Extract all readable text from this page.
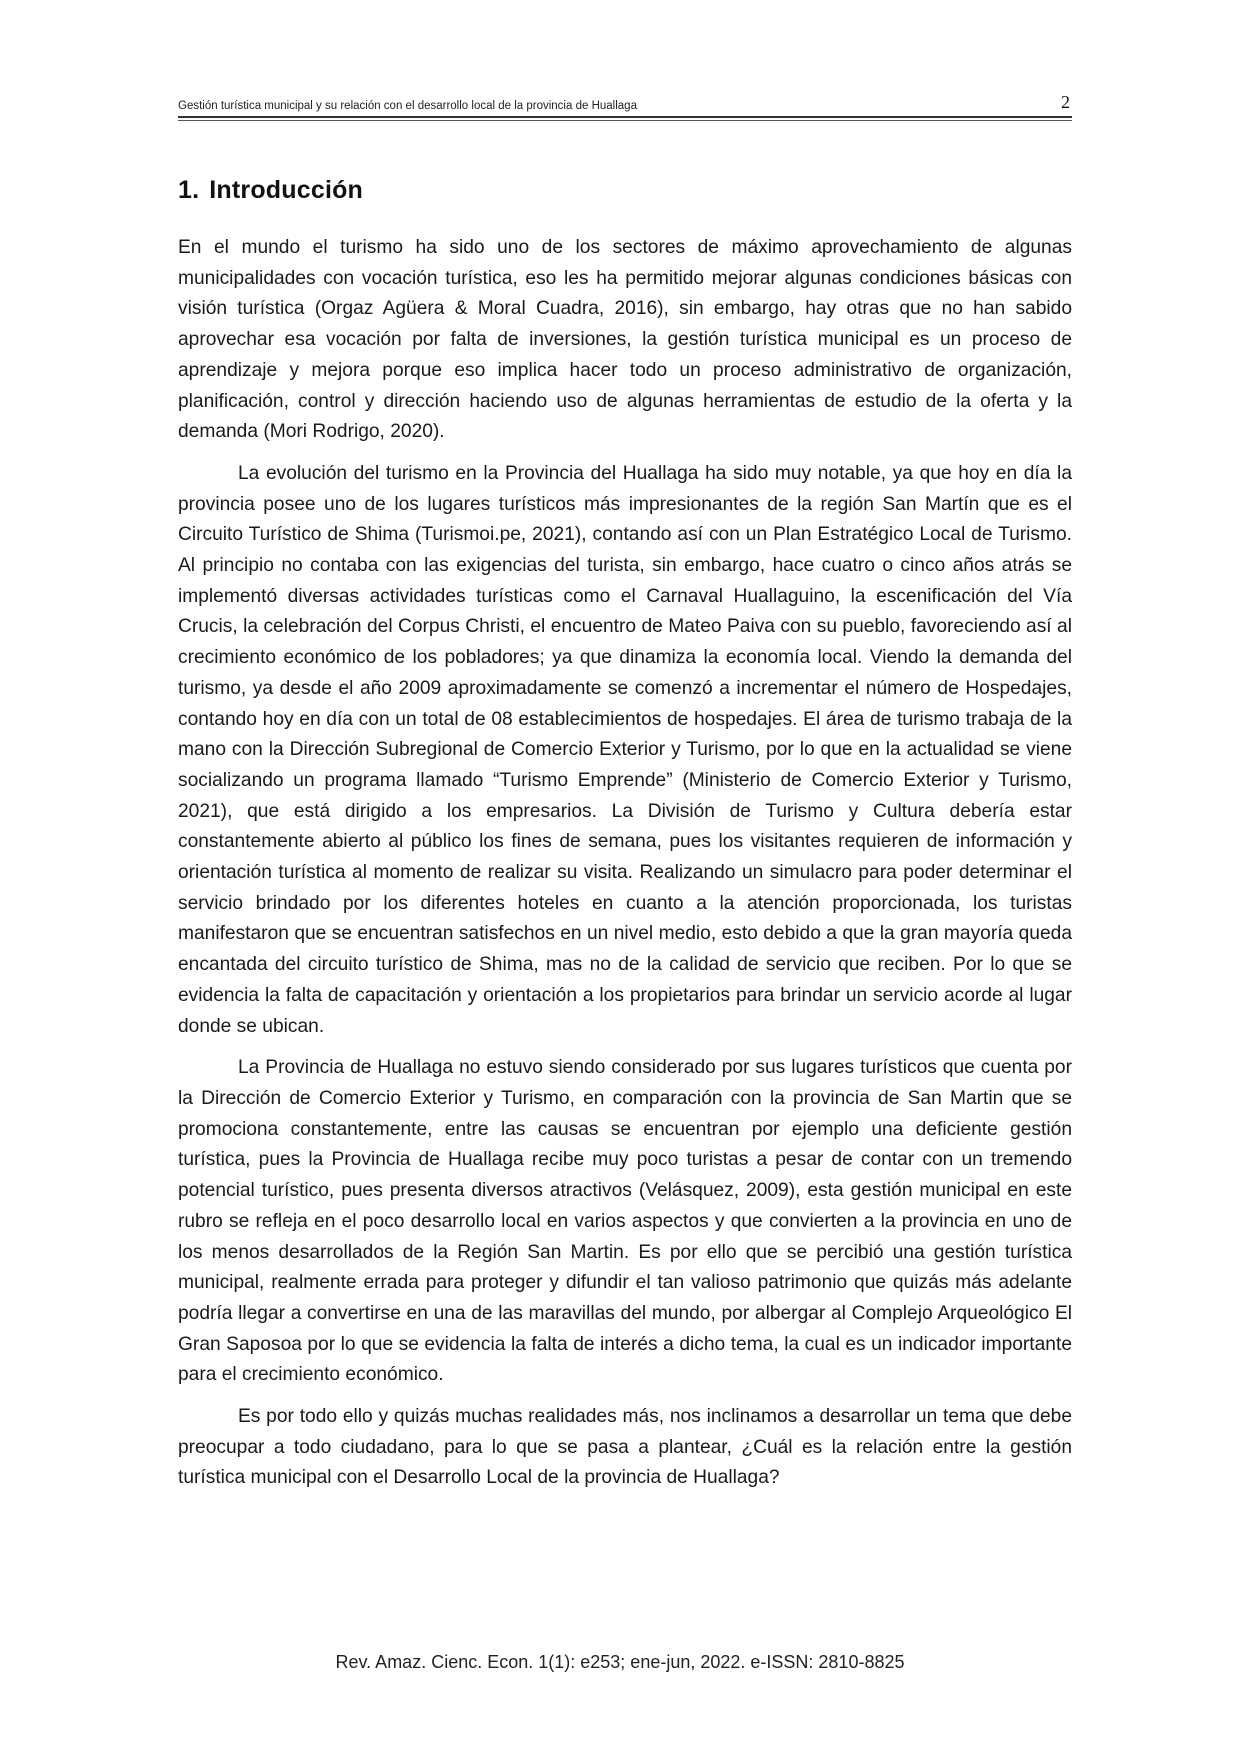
Gestión turística municipal y su relación con el desarrollo local de la provincia de Huallaga	2
1. Introducción

En el mundo el turismo ha sido uno de los sectores de máximo aprovechamiento de algunas municipalidades con vocación turística, eso les ha permitido mejorar algunas condiciones básicas con visión turística (Orgaz Agüera & Moral Cuadra, 2016), sin embargo, hay otras que no han sabido aprovechar esa vocación por falta de inversiones, la gestión turística municipal es un proceso de aprendizaje y mejora porque eso implica hacer todo un proceso administrativo de organización, planificación, control y dirección haciendo uso de algunas herramientas de estudio de la oferta y la demanda (Mori Rodrigo, 2020).

La evolución del turismo en la Provincia del Huallaga ha sido muy notable, ya que hoy en día la provincia posee uno de los lugares turísticos más impresionantes de la región San Martín que es el Circuito Turístico de Shima (Turismoi.pe, 2021), contando así con un Plan Estratégico Local de Turismo. Al principio no contaba con las exigencias del turista, sin embargo, hace cuatro o cinco años atrás se implementó diversas actividades turísticas como el Carnaval Huallaguino, la escenificación del Vía Crucis, la celebración del Corpus Christi, el encuentro de Mateo Paiva con su pueblo, favoreciendo así al crecimiento económico de los pobladores; ya que dinamiza la economía local. Viendo la demanda del turismo, ya desde el año 2009 aproximadamente se comenzó a incrementar el número de Hospedajes, contando hoy en día con un total de 08 establecimientos de hospedajes. El área de turismo trabaja de la mano con la Dirección Subregional de Comercio Exterior y Turismo, por lo que en la actualidad se viene socializando un programa llamado “Turismo Emprende” (Ministerio de Comercio Exterior y Turismo, 2021), que está dirigido a los empresarios. La División de Turismo y Cultura debería estar constantemente abierto al público los fines de semana, pues los visitantes requieren de información y orientación turística al momento de realizar su visita. Realizando un simulacro para poder determinar el servicio brindado por los diferentes hoteles en cuanto a la atención proporcionada, los turistas manifestaron que se encuentran satisfechos en un nivel medio, esto debido a que la gran mayoría queda encantada del circuito turístico de Shima, mas no de la calidad de servicio que reciben. Por lo que se evidencia la falta de capacitación y orientación a los propietarios para brindar un servicio acorde al lugar donde se ubican.

La Provincia de Huallaga no estuvo siendo considerado por sus lugares turísticos que cuenta por la Dirección de Comercio Exterior y Turismo, en comparación con la provincia de San Martin que se promociona constantemente, entre las causas se encuentran por ejemplo una deficiente gestión turística, pues la Provincia de Huallaga recibe muy poco turistas a pesar de contar con un tremendo potencial turístico, pues presenta diversos atractivos (Velásquez, 2009), esta gestión municipal en este rubro se refleja en el poco desarrollo local en varios aspectos y que convierten a la provincia en uno de los menos desarrollados de la Región San Martin. Es por ello que se percibió una gestión turística municipal, realmente errada para proteger y difundir el tan valioso patrimonio que quizás más adelante podría llegar a convertirse en una de las maravillas del mundo, por albergar al Complejo Arqueológico El Gran Saposoa por lo que se evidencia la falta de interés a dicho tema, la cual es un indicador importante para el crecimiento económico.

Es por todo ello y quizás muchas realidades más, nos inclinamos a desarrollar un tema que debe preocupar a todo ciudadano, para lo que se pasa a plantear, ¿Cuál es la relación entre la gestión turística municipal con el Desarrollo Local de la provincia de Huallaga?

Rev. Amaz. Cienc. Econ. 1(1): e253; ene-jun, 2022. e-ISSN: 2810-8825
